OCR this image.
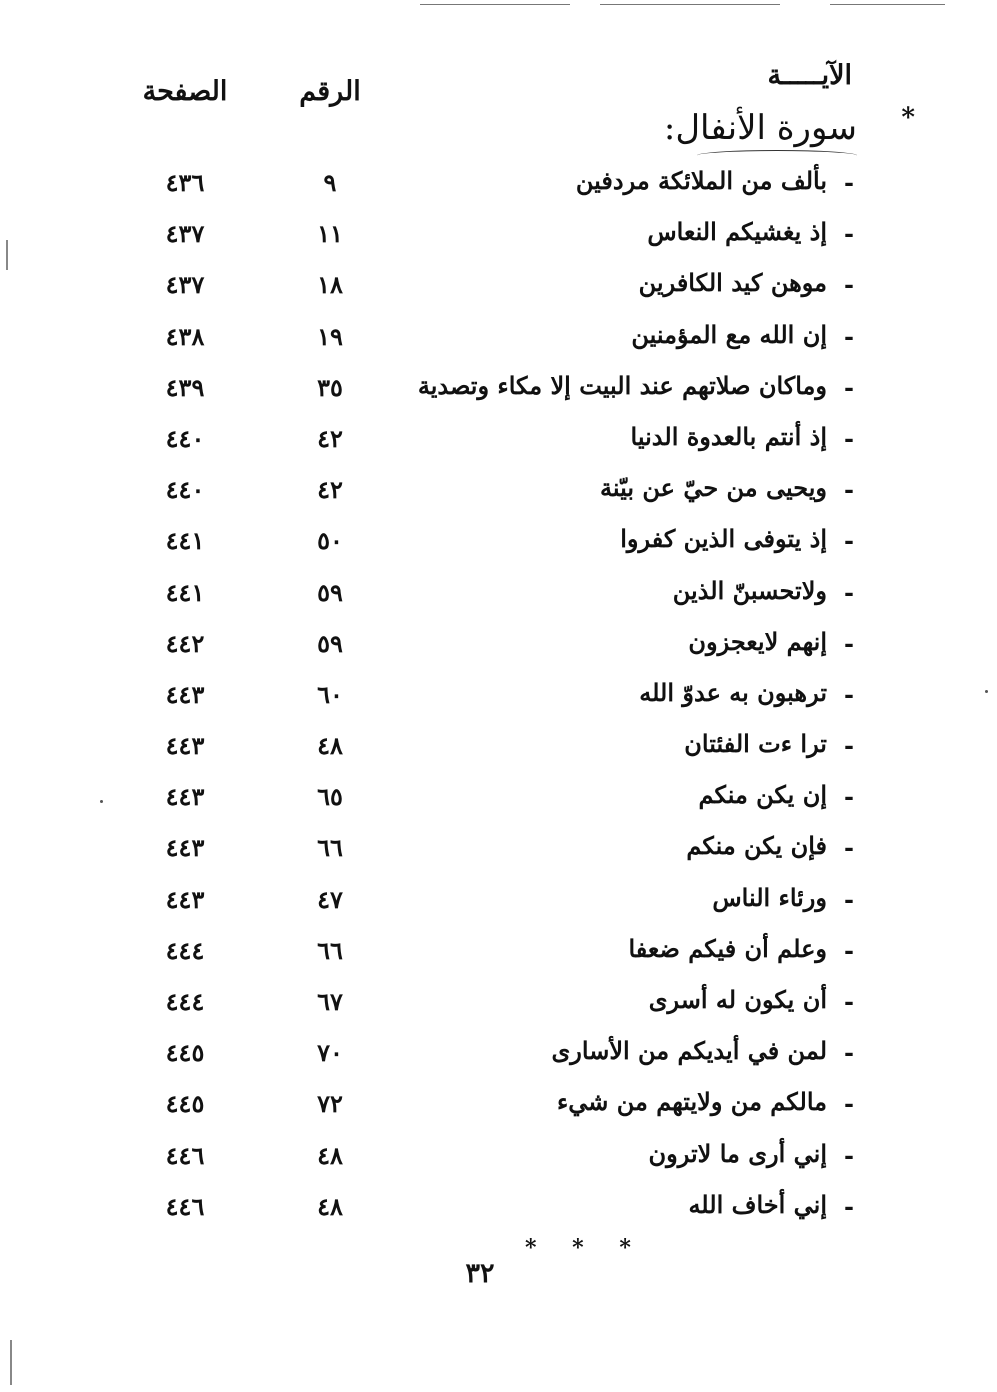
الآيـــــة
الرقم
الصفحة
*
سورة الأنفال:
-
بألف من الملائكة مردفين
٩
٤٣٦
-
إذ يغشيكم النعاس
١١
٤٣٧
-
موهن كيد الكافرين
١٨
٤٣٧
-
إن الله مع المؤمنين
١٩
٤٣٨
-
وماكان صلاتهم عند البيت إلا مكاء وتصدية
٣٥
٤٣٩
-
إذ أنتم بالعدوة الدنيا
٤٢
٤٤٠
-
ويحيى من حيّ عن بيّنة
٤٢
٤٤٠
-
إذ يتوفى الذين كفروا
٥٠
٤٤١
-
ولاتحسبنّ الذين
٥٩
٤٤١
-
إنهم لايعجزون
٥٩
٤٤٢
-
ترهبون به عدوّ الله
٦٠
٤٤٣
-
ترا ءت الفئتان
٤٨
٤٤٣
-
إن يكن منكم
٦٥
٤٤٣
-
فإن يكن منكم
٦٦
٤٤٣
-
ورئاء الناس
٤٧
٤٤٣
-
وعلم أن فيكم ضعفا
٦٦
٤٤٤
-
أن يكون له أسرى
٦٧
٤٤٤
-
لمن في أيديكم من الأسارى
٧٠
٤٤٥
-
مالكم من ولايتهم من شيء
٧٢
٤٤٥
-
إني أرى ما لاترون
٤٨
٤٤٦
-
إني أخاف الله
٤٨
٤٤٦
* * *
٣٢
